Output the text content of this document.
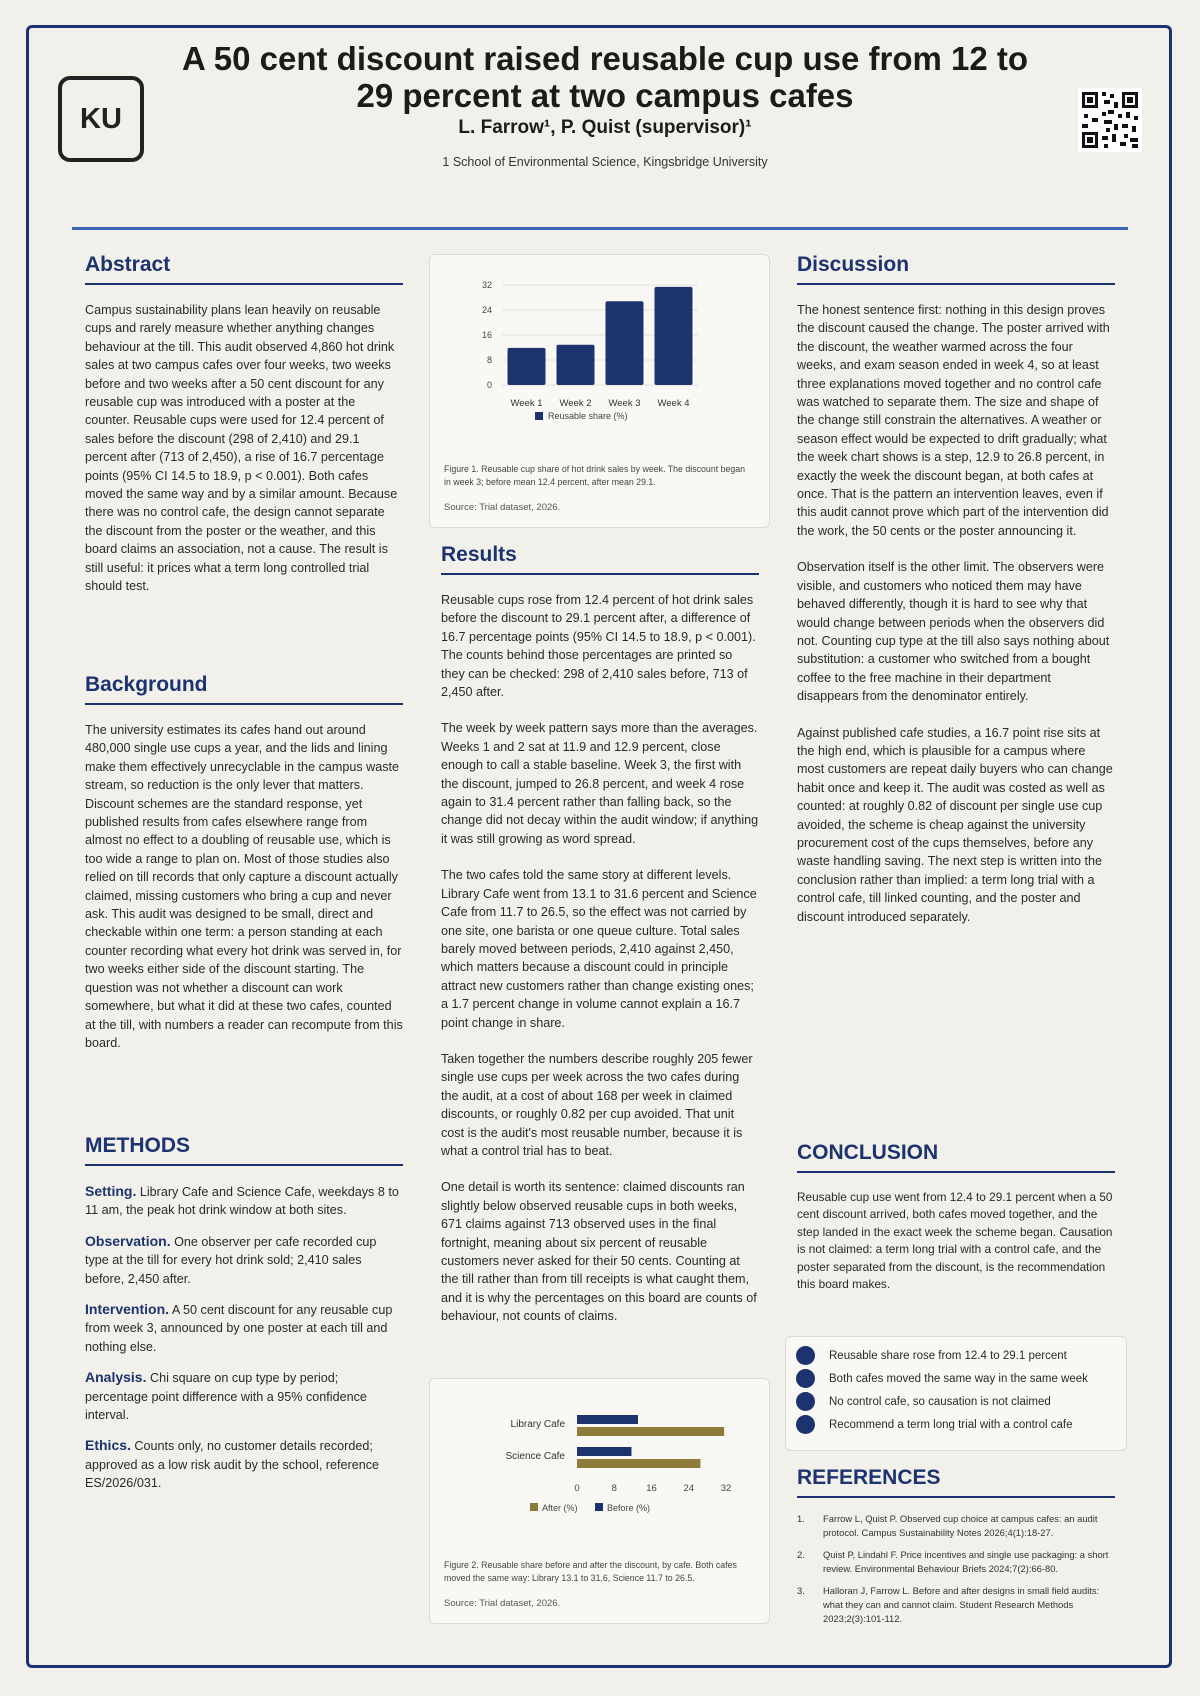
KU
A 50 cent discount raised reusable cup use from 12 to 29 percent at two campus cafes
L. Farrow¹, P. Quist (supervisor)¹
1 School of Environmental Science, Kingsbridge University
Abstract

Campus sustainability plans lean heavily on reusable cups and rarely measure whether anything changes behaviour at the till. This audit observed 4,860 hot drink sales at two campus cafes over four weeks, two weeks before and two weeks after a 50 cent discount for any reusable cup was introduced with a poster at the counter. Reusable cups were used for 12.4 percent of sales before the discount (298 of 2,410) and 29.1 percent after (713 of 2,450), a rise of 16.7 percentage points (95% CI 14.5 to 18.9, p < 0.001). Both cafes moved the same way and by a similar amount. Because there was no control cafe, the design cannot separate the discount from the poster or the weather, and this board claims an association, not a cause. The result is still useful: it prices what a term long controlled trial should test.

Background

The university estimates its cafes hand out around 480,000 single use cups a year, and the lids and lining make them effectively unrecyclable in the campus waste stream, so reduction is the only lever that matters. Discount schemes are the standard response, yet published results from cafes elsewhere range from almost no effect to a doubling of reusable use, which is too wide a range to plan on. Most of those studies also relied on till records that only capture a discount actually claimed, missing customers who bring a cup and never ask. This audit was designed to be small, direct and checkable within one term: a person standing at each counter recording what every hot drink was served in, for two weeks either side of the discount starting. The question was not whether a discount can work somewhere, but what it did at these two cafes, counted at the till, with numbers a reader can recompute from this board.

METHODS

Setting. Library Cafe and Science Cafe, weekdays 8 to 11 am, the peak hot drink window at both sites.

Observation. One observer per cafe recorded cup type at the till for every hot drink sold; 2,410 sales before, 2,450 after.

Intervention. A 50 cent discount for any reusable cup from week 3, announced by one poster at each till and nothing else.

Analysis. Chi square on cup type by period; percentage point difference with a 95% confidence interval.

Ethics. Counts only, no customer details recorded; approved as a low risk audit by the school, reference ES/2026/031.

0
8
16
24
32
Week 1 Week 2 Week 3 Week 4
Reusable share (%)
Figure 1. Reusable cup share of hot drink sales by week. The discount began in week 3; before mean 12.4 percent, after mean 29.1.
Source: Trial dataset, 2026.
Results

Reusable cups rose from 12.4 percent of hot drink sales before the discount to 29.1 percent after, a difference of 16.7 percentage points (95% CI 14.5 to 18.9, p < 0.001). The counts behind those percentages are printed so they can be checked: 298 of 2,410 sales before, 713 of 2,450 after.

The week by week pattern says more than the averages. Weeks 1 and 2 sat at 11.9 and 12.9 percent, close enough to call a stable baseline. Week 3, the first with the discount, jumped to 26.8 percent, and week 4 rose again to 31.4 percent rather than falling back, so the change did not decay within the audit window; if anything it was still growing as word spread.

The two cafes told the same story at different levels. Library Cafe went from 13.1 to 31.6 percent and Science Cafe from 11.7 to 26.5, so the effect was not carried by one site, one barista or one queue culture. Total sales barely moved between periods, 2,410 against 2,450, which matters because a discount could in principle attract new customers rather than change existing ones; a 1.7 percent change in volume cannot explain a 16.7 point change in share.

Taken together the numbers describe roughly 205 fewer single use cups per week across the two cafes during the audit, at a cost of about 168 per week in claimed discounts, or roughly 0.82 per cup avoided. That unit cost is the audit's most reusable number, because it is what a control trial has to beat.

One detail is worth its sentence: claimed discounts ran slightly below observed reusable cups in both weeks, 671 claims against 713 observed uses in the final fortnight, meaning about six percent of reusable customers never asked for their 50 cents. Counting at the till rather than from till receipts is what caught them, and it is why the percentages on this board are counts of behaviour, not counts of claims.

Library Cafe
Science Cafe
0	8	16	24	32
After (%)	Before (%)
Figure 2. Reusable share before and after the discount, by cafe. Both cafes moved the same way: Library 13.1 to 31.6, Science 11.7 to 26.5.
Source: Trial dataset, 2026.
Discussion

The honest sentence first: nothing in this design proves the discount caused the change. The poster arrived with the discount, the weather warmed across the four weeks, and exam season ended in week 4, so at least three explanations moved together and no control cafe was watched to separate them. The size and shape of the change still constrain the alternatives. A weather or season effect would be expected to drift gradually; what the week chart shows is a step, 12.9 to 26.8 percent, in exactly the week the discount began, at both cafes at once. That is the pattern an intervention leaves, even if this audit cannot prove which part of the intervention did the work, the 50 cents or the poster announcing it.

Observation itself is the other limit. The observers were visible, and customers who noticed them may have behaved differently, though it is hard to see why that would change between periods when the observers did not. Counting cup type at the till also says nothing about substitution: a customer who switched from a bought coffee to the free machine in their department disappears from the denominator entirely.

Against published cafe studies, a 16.7 point rise sits at the high end, which is plausible for a campus where most customers are repeat daily buyers who can change habit once and keep it. The audit was costed as well as counted: at roughly 0.82 of discount per single use cup avoided, the scheme is cheap against the university procurement cost of the cups themselves, before any waste handling saving. The next step is written into the conclusion rather than implied: a term long trial with a control cafe, till linked counting, and the poster and discount introduced separately.

CONCLUSION

Reusable cup use went from 12.4 to 29.1 percent when a 50 cent discount arrived, both cafes moved together, and the step landed in the exact week the scheme began. Causation is not claimed: a term long trial with a control cafe, and the poster separated from the discount, is the recommendation this board makes.

Reusable share rose from 12.4 to 29.1 percent
Both cafes moved the same way in the same week
No control cafe, so causation is not claimed
Recommend a term long trial with a control cafe
REFERENCES
1.	Farrow L, Quist P. Observed cup choice at campus cafes: an audit protocol. Campus Sustainability Notes 2026;4(1):18-27.
2.	Quist P, Lindahl F. Price incentives and single use packaging: a short review. Environmental Behaviour Briefs 2024;7(2):66-80.
3.	Halloran J, Farrow L. Before and after designs in small field audits: what they can and cannot claim. Student Research Methods 2023;2(3):101-112.
